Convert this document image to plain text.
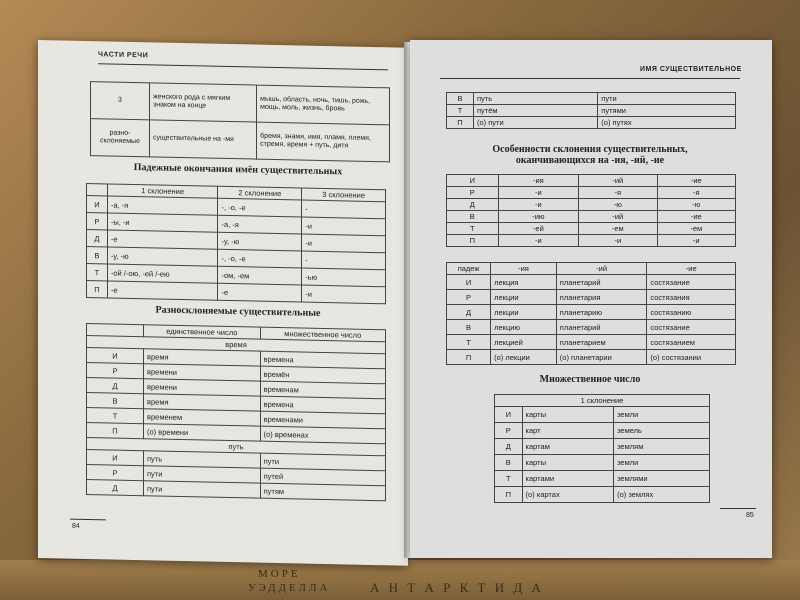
МОРЕ
УЭДДЕЛЛА	А Н Т А Р К Т И Д А
ЧАСТИ РЕЧИ
3	женского рода с мягким знаком на конце	мышь, область, ночь, тишь, рожь, мощь, моль, жизнь, бровь
разно-склоняемые	существительные на -мя	бремя, знамя, имя, пламя, племя, стремя, время + путь, дитя
Падежные окончания имён существительных
	1 склонение	2 склонение	3 склонение
И	-а, -я	-, -о, -е	-
Р	-ы, -и	-а, -я	-и
Д	-е	-у, -ю	-и
В	-у, -ю	-, -о, -е	-
Т	-ой /-ою, -ей /-ею	-ом, -ем	-ью
П	-е	-е	-и
Разносклоняемые существительные
	единственное число	множественное число
время		
И	время	времена
Р	времени	времён
Д	времени	временам
В	время	времена
Т	временем	временами
П	(о) времени	(о) временах
путь		
И	путь	пути
Р	пути	путей
Д	пути	путям
84
ИМЯ СУЩЕСТВИТЕЛЬНОЕ
В	путь	пути
Т	путём	путями
П	(о) пути	(о) путях
Особенности склонения существительных,
оканчивающихся на -ия, -ий, -ие
И	-ия	-ий	-ие
Р	-и	-я	-я
Д	-и	-ю	-ю
В	-ию	-ий	-ие
Т	-ей	-ем	-ем
П	-и	-и	-и
падеж	-ия	-ий	-ие
И	лекция	планетарий	состязание
Р	лекции	планетария	состязания
Д	лекции	планетарию	состязанию
В	лекцию	планетарий	состязание
Т	лекцией	планетарием	состязанием
П	(о) лекции	(о) планетарии	(о) состязании
Множественное число
1 склонение		
И	карты	земли
Р	карт	земель
Д	картам	землям
В	карты	земли
Т	картами	землями
П	(о) картах	(о) землях
85
